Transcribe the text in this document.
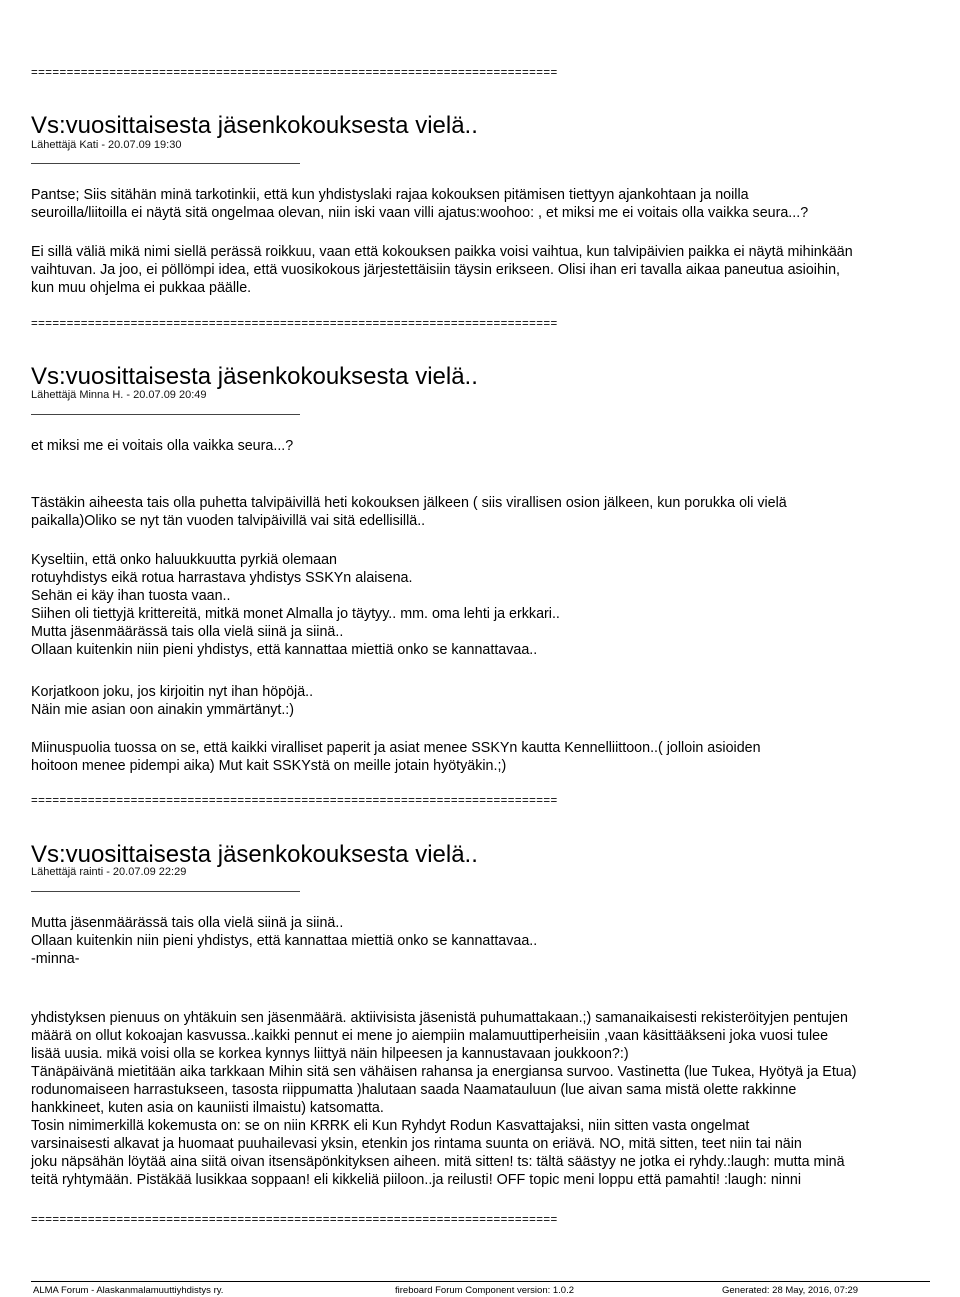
==========================================================================
==========================================================================
==========================================================================
==========================================================================
Vs:vuosittaisesta jäsenkokouksesta vielä..
Lähettäjä Kati - 20.07.09 19:30

Pantse; Siis sitähän minä tarkotinkii, että kun yhdistyslaki rajaa kokouksen pitämisen tiettyyn ajankohtaan ja noilla
seuroilla/liitoilla ei näytä sitä ongelmaa olevan, niin iski vaan villi ajatus:woohoo: , et miksi me ei voitais olla vaikka seura...?

Ei sillä väliä mikä nimi siellä perässä roikkuu, vaan että kokouksen paikka voisi vaihtua, kun talvipäivien paikka ei näytä mihinkään
vaihtuvan. Ja joo, ei pöllömpi idea, että vuosikokous järjestettäisiin täysin erikseen. Olisi ihan eri tavalla aikaa paneutua asioihin,
kun muu ohjelma ei pukkaa päälle.

Vs:vuosittaisesta jäsenkokouksesta vielä..
Lähettäjä Minna H. - 20.07.09 20:49

et miksi me ei voitais olla vaikka seura...?

Tästäkin aiheesta tais olla puhetta talvipäivillä heti kokouksen jälkeen ( siis virallisen osion jälkeen, kun porukka oli vielä
paikalla)Oliko se nyt tän vuoden talvipäivillä vai sitä edellisillä..

Kyseltiin, että onko haluukkuutta pyrkiä olemaan
rotuyhdistys eikä rotua harrastava yhdistys SSKYn alaisena.
Sehän ei käy ihan tuosta vaan..
Siihen oli tiettyjä krittereitä, mitkä monet Almalla jo täytyy.. mm. oma lehti ja erkkari..
Mutta jäsenmäärässä tais olla vielä siinä ja siinä..
Ollaan kuitenkin niin pieni yhdistys, että kannattaa miettiä onko se kannattavaa..

Korjatkoon joku, jos kirjoitin nyt ihan höpöjä..
Näin mie asian oon ainakin ymmärtänyt.:)

Miinuspuolia tuossa on se, että kaikki viralliset paperit ja asiat menee SSKYn kautta Kennelliittoon..( jolloin asioiden
hoitoon menee pidempi aika) Mut kait SSKYstä on meille jotain hyötyäkin.;)

Vs:vuosittaisesta jäsenkokouksesta vielä..
Lähettäjä rainti - 20.07.09 22:29

Mutta jäsenmäärässä tais olla vielä siinä ja siinä..
Ollaan kuitenkin niin pieni yhdistys, että kannattaa miettiä onko se kannattavaa..
-minna-

yhdistyksen pienuus on yhtäkuin sen jäsenmäärä. aktiivisista jäsenistä puhumattakaan.;) samanaikaisesti rekisteröityjen pentujen
määrä on ollut kokoajan kasvussa..kaikki pennut ei mene jo aiempiin malamuuttiperheisiin ,vaan käsittääkseni joka vuosi tulee
lisää uusia. mikä voisi olla se korkea kynnys liittyä näin hilpeesen ja kannustavaan joukkoon?:)
Tänäpäivänä mietitään aika tarkkaan Mihin sitä sen vähäisen rahansa ja energiansa survoo. Vastinetta (lue Tukea, Hyötyä ja Etua)
rodunomaiseen harrastukseen, tasosta riippumatta )halutaan saada Naamatauluun (lue aivan sama mistä olette rakkinne
hankkineet, kuten asia on kauniisti ilmaistu) katsomatta.
Tosin nimimerkillä kokemusta on: se on niin KRRK eli Kun Ryhdyt Rodun Kasvattajaksi, niin sitten vasta ongelmat
varsinaisesti alkavat ja huomaat puuhailevasi yksin, etenkin jos rintama suunta on eriävä. NO, mitä sitten, teet niin tai näin
joku näpsähän löytää aina siitä oivan itsensäpönkityksen aiheen. mitä sitten! ts: tältä säästyy ne jotka ei ryhdy.:laugh: mutta minä
teitä ryhtymään. Pistäkää lusikkaa soppaan! eli kikkeliä piiloon..ja reilusti! OFF topic meni loppu että pamahti! :laugh: ninni

ALMA Forum - Alaskanmalamuuttiyhdistys ry.	fireboard Forum Component version: 1.0.2	Generated: 28 May, 2016, 07:29
